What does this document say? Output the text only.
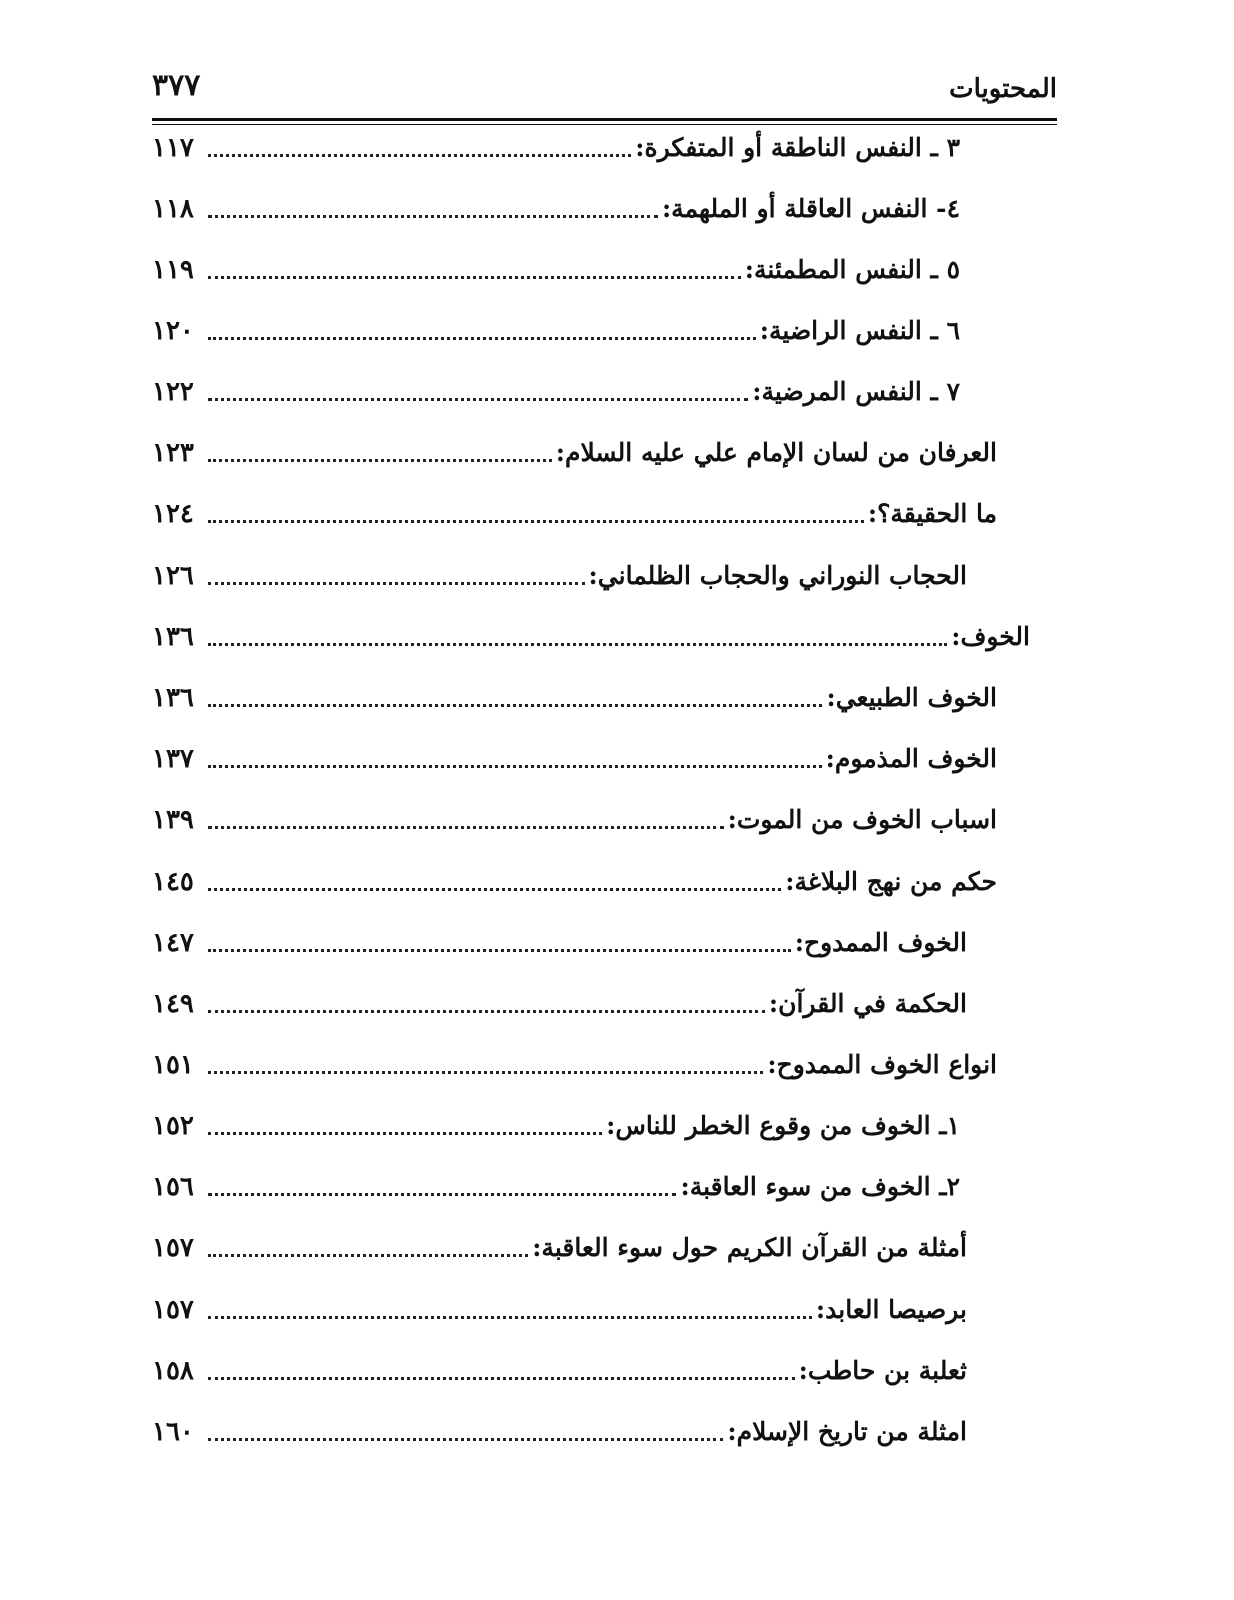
المحتويات
٣٧٧
٣ ـ النفس الناطقة أو المتفكرة:
١١٧
٤- النفس العاقلة أو الملهمة:
١١٨
٥ ـ النفس المطمئنة:
١١٩
٦ ـ النفس الراضية:
١٢٠
٧ ـ النفس المرضية:
١٢٢
العرفان من لسان الإمام علي عليه السلام:
١٢٣
ما الحقيقة؟:
١٢٤
الحجاب النوراني والحجاب الظلماني:
١٢٦
الخوف:
١٣٦
الخوف الطبيعي:
١٣٦
الخوف المذموم:
١٣٧
اسباب الخوف من الموت:
١٣٩
حكم من نهج البلاغة:
١٤٥
الخوف الممدوح:
١٤٧
الحكمة في القرآن:
١٤٩
انواع الخوف الممدوح:
١٥١
١ـ الخوف من وقوع الخطر للناس:
١٥٢
٢ـ الخوف من سوء العاقبة:
١٥٦
أمثلة من القرآن الكريم حول سوء العاقبة:
١٥٧
برصيصا العابد:
١٥٧
ثعلبة بن حاطب:
١٥٨
امثلة من تاريخ الإسلام:
١٦٠
